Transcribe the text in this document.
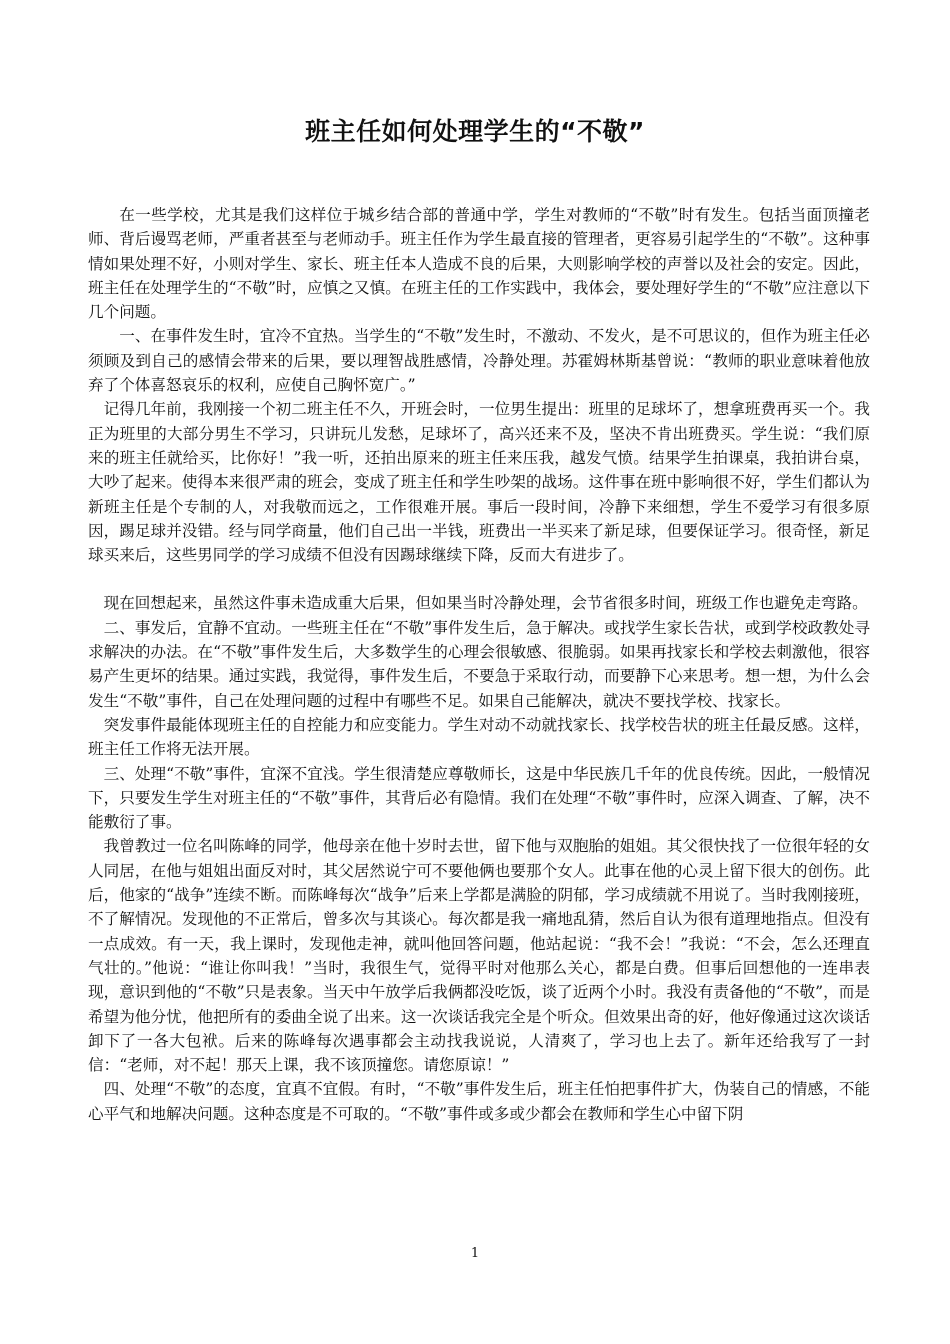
班主任如何处理学生的“不敬”

在一些学校，尤其是我们这样位于城乡结合部的普通中学，学生对教师的“不敬”时有发生。包括当面顶撞老师、背后谩骂老师，严重者甚至与老师动手。班主任作为学生最直接的管理者，更容易引起学生的“不敬”。这种事情如果处理不好，小则对学生、家长、班主任本人造成不良的后果，大则影响学校的声誉以及社会的安定。因此，班主任在处理学生的“不敬”时，应慎之又慎。在班主任的工作实践中，我体会，要处理好学生的“不敬”应注意以下几个问题。

一、在事件发生时，宜冷不宜热。当学生的“不敬”发生时，不激动、不发火，是不可思议的，但作为班主任必须顾及到自己的感情会带来的后果，要以理智战胜感情，冷静处理。苏霍姆林斯基曾说：“教师的职业意味着他放弃了个体喜怒哀乐的权利，应使自己胸怀宽广。”

记得几年前，我刚接一个初二班主任不久，开班会时，一位男生提出：班里的足球坏了，想拿班费再买一个。我正为班里的大部分男生不学习，只讲玩儿发愁，足球坏了，高兴还来不及，坚决不肯出班费买。学生说：“我们原来的班主任就给买，比你好！”我一听，还拍出原来的班主任来压我，越发气愤。结果学生拍课桌，我拍讲台桌，大吵了起来。使得本来很严肃的班会，变成了班主任和学生吵架的战场。这件事在班中影响很不好，学生们都认为新班主任是个专制的人，对我敬而远之，工作很难开展。事后一段时间，冷静下来细想，学生不爱学习有很多原因，踢足球并没错。经与同学商量，他们自己出一半钱，班费出一半买来了新足球，但要保证学习。很奇怪，新足球买来后，这些男同学的学习成绩不但没有因踢球继续下降，反而大有进步了。

现在回想起来，虽然这件事未造成重大后果，但如果当时冷静处理，会节省很多时间，班级工作也避免走弯路。

二、事发后，宜静不宜动。一些班主任在“不敬”事件发生后，急于解决。或找学生家长告状，或到学校政教处寻求解决的办法。在“不敬”事件发生后，大多数学生的心理会很敏感、很脆弱。如果再找家长和学校去刺激他，很容易产生更坏的结果。通过实践，我觉得，事件发生后，不要急于采取行动，而要静下心来思考。想一想，为什么会发生“不敬”事件，自己在处理问题的过程中有哪些不足。如果自己能解决，就决不要找学校、找家长。

突发事件最能体现班主任的自控能力和应变能力。学生对动不动就找家长、找学校告状的班主任最反感。这样，班主任工作将无法开展。

三、处理“不敬”事件，宜深不宜浅。学生很清楚应尊敬师长，这是中华民族几千年的优良传统。因此，一般情况下，只要发生学生对班主任的“不敬”事件，其背后必有隐情。我们在处理“不敬”事件时，应深入调查、了解，决不能敷衍了事。

我曾教过一位名叫陈峰的同学，他母亲在他十岁时去世，留下他与双胞胎的姐姐。其父很快找了一位很年轻的女人同居，在他与姐姐出面反对时，其父居然说宁可不要他俩也要那个女人。此事在他的心灵上留下很大的创伤。此后，他家的“战争”连续不断。而陈峰每次“战争”后来上学都是满脸的阴郁，学习成绩就不用说了。当时我刚接班，不了解情况。发现他的不正常后，曾多次与其谈心。每次都是我一痛地乱猜，然后自认为很有道理地指点。但没有一点成效。有一天，我上课时，发现他走神，就叫他回答问题，他站起说：“我不会！”我说：“不会，怎么还理直气壮的。”他说：“谁让你叫我！”当时，我很生气，觉得平时对他那么关心，都是白费。但事后回想他的一连串表现，意识到他的“不敬”只是表象。当天中午放学后我俩都没吃饭，谈了近两个小时。我没有责备他的“不敬”，而是希望为他分忧，他把所有的委曲全说了出来。这一次谈话我完全是个听众。但效果出奇的好，他好像通过这次谈话卸下了一各大包袱。后来的陈峰每次遇事都会主动找我说说，人清爽了，学习也上去了。新年还给我写了一封信：“老师，对不起！那天上课，我不该顶撞您。请您原谅！”

四、处理“不敬”的态度，宜真不宜假。有时，“不敬”事件发生后，班主任怕把事件扩大，伪装自己的情感，不能心平气和地解决问题。这种态度是不可取的。“不敬”事件或多或少都会在教师和学生心中留下阴

1
